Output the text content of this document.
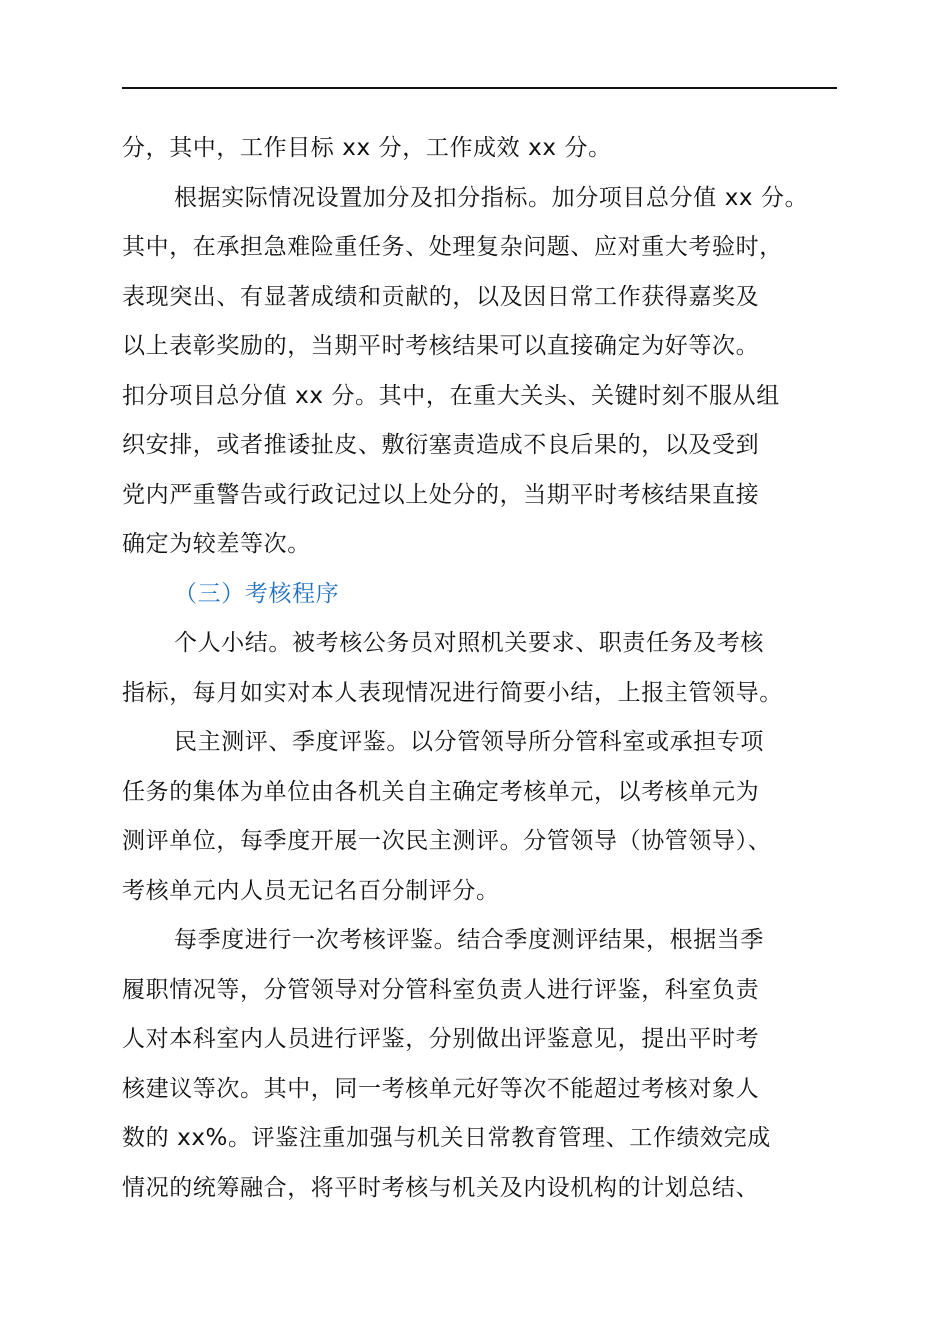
分，其中，工作目标 xx 分，工作成效 xx 分。

根据实际情况设置加分及扣分指标。加分项目总分值 xx 分。
其中，在承担急难险重任务、处理复杂问题、应对重大考验时，
表现突出、有显著成绩和贡献的，以及因日常工作获得嘉奖及
以上表彰奖励的，当期平时考核结果可以直接确定为好等次。
扣分项目总分值 xx 分。其中，在重大关头、关键时刻不服从组
织安排，或者推诿扯皮、敷衍塞责造成不良后果的，以及受到
党内严重警告或行政记过以上处分的，当期平时考核结果直接
确定为较差等次。

（三）考核程序

个人小结。被考核公务员对照机关要求、职责任务及考核
指标，每月如实对本人表现情况进行简要小结，上报主管领导。

民主测评、季度评鉴。以分管领导所分管科室或承担专项
任务的集体为单位由各机关自主确定考核单元，以考核单元为
测评单位，每季度开展一次民主测评。分管领导（协管领导）、
考核单元内人员无记名百分制评分。

每季度进行一次考核评鉴。结合季度测评结果，根据当季
履职情况等，分管领导对分管科室负责人进行评鉴，科室负责
人对本科室内人员进行评鉴，分别做出评鉴意见，提出平时考
核建议等次。其中，同一考核单元好等次不能超过考核对象人
数的 xx%。评鉴注重加强与机关日常教育管理、工作绩效完成
情况的统筹融合，将平时考核与机关及内设机构的计划总结、
